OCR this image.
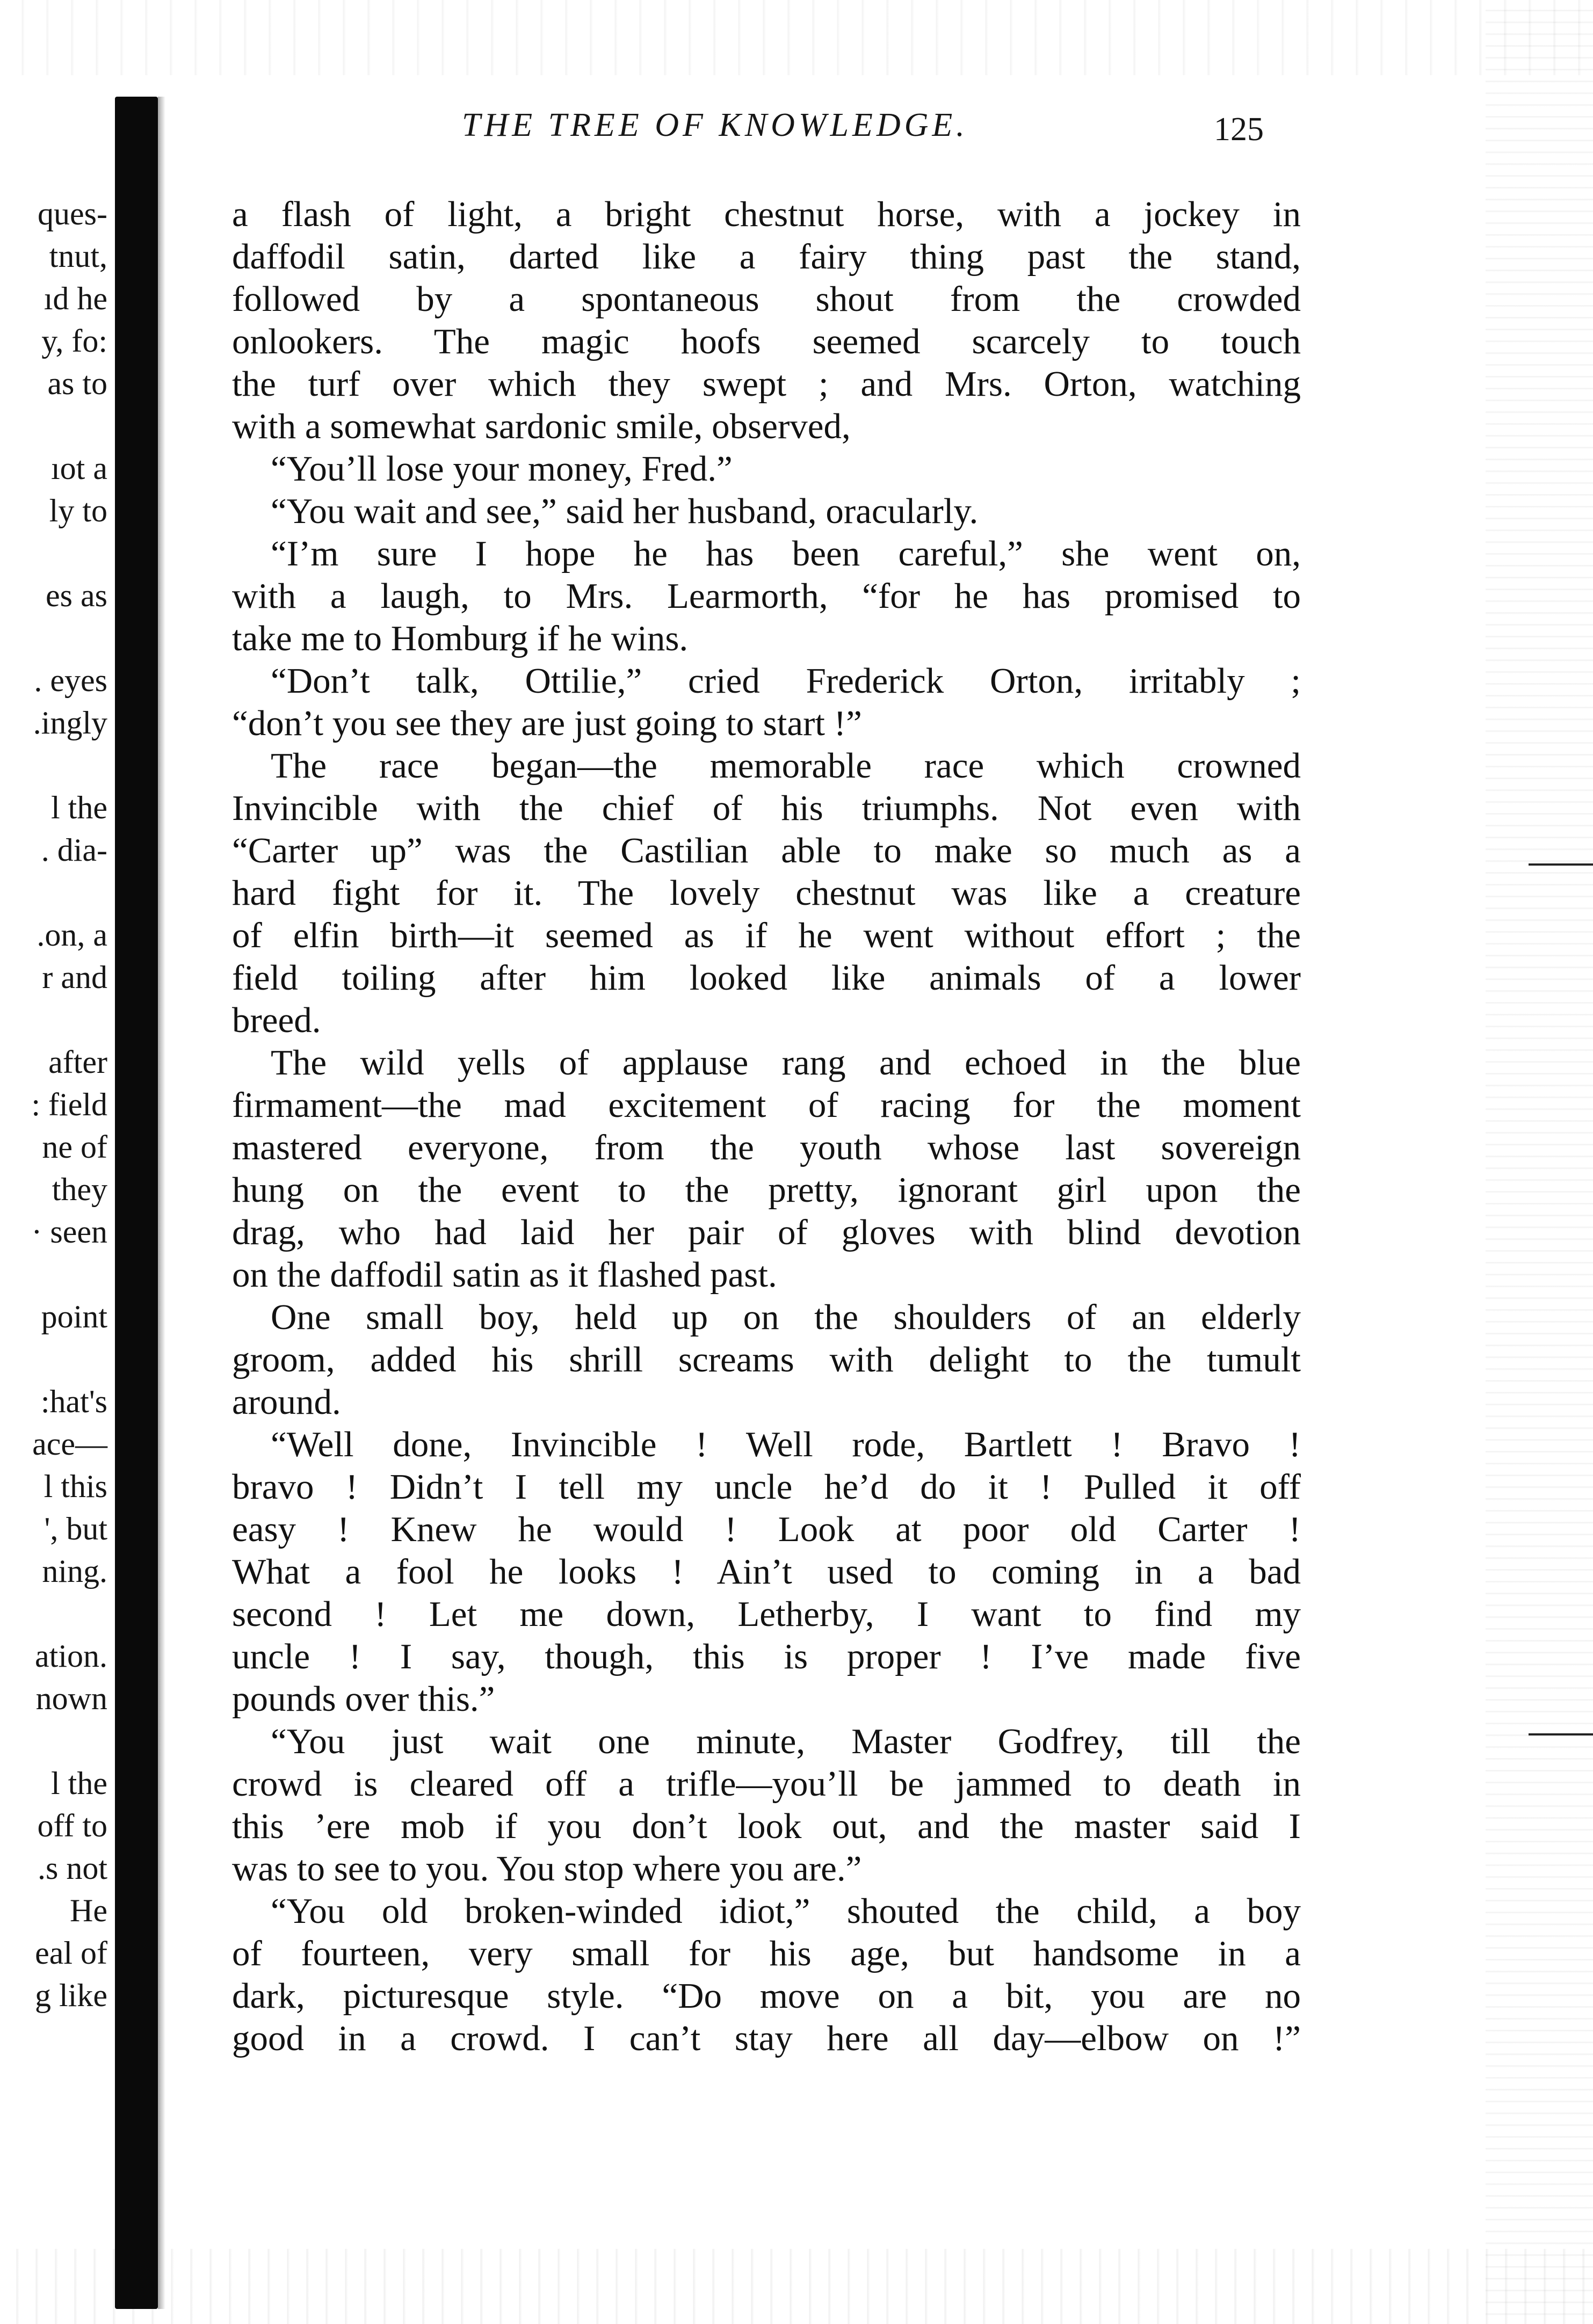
ques-
tnut,
ıd he
y, fo:
as to
ıot a
ly to
es as
. eyes
.ingly
l the
. dia-
.on, a
r and
after
: field
ne of
they
· seen
point
:hat's
ace—
l this
', but
ning.
ation.
nown
l the
off to
.s not
He
eal of
g like
THE TREE OF KNOWLEDGE.	125
a flash of light, a bright chestnut horse, with a jockey in
daffodil satin, darted like a fairy thing past the stand,
followed by a spontaneous shout from the crowded
onlookers. The magic hoofs seemed scarcely to touch
the turf over which they swept ; and Mrs. Orton, watching
with a somewhat sardonic smile, observed,
“You’ll lose your money, Fred.”
“You wait and see,” said her husband, oracularly.
“I’m sure I hope he has been careful,” she went on,
with a laugh, to Mrs. Learmorth, “for he has promised to
take me to Homburg if he wins.
“Don’t talk, Ottilie,” cried Frederick Orton, irritably ;
“don’t you see they are just going to start !”
The race began—the memorable race which crowned
Invincible with the chief of his triumphs. Not even with
“Carter up” was the Castilian able to make so much as a
hard fight for it. The lovely chestnut was like a creature
of elfin birth—it seemed as if he went without effort ; the
field toiling after him looked like animals of a lower
breed.
The wild yells of applause rang and echoed in the blue
firmament—the mad excitement of racing for the moment
mastered everyone, from the youth whose last sovereign
hung on the event to the pretty, ignorant girl upon the
drag, who had laid her pair of gloves with blind devotion
on the daffodil satin as it flashed past.
One small boy, held up on the shoulders of an elderly
groom, added his shrill screams with delight to the tumult
around.
“Well done, Invincible ! Well rode, Bartlett ! Bravo !
bravo ! Didn’t I tell my uncle he’d do it ! Pulled it off
easy ! Knew he would ! Look at poor old Carter !
What a fool he looks ! Ain’t used to coming in a bad
second ! Let me down, Letherby, I want to find my
uncle ! I say, though, this is proper ! I’ve made five
pounds over this.”
“You just wait one minute, Master Godfrey, till the
crowd is cleared off a trifle—you’ll be jammed to death in
this ’ere mob if you don’t look out, and the master said I
was to see to you. You stop where you are.”
“You old broken-winded idiot,” shouted the child, a boy
of fourteen, very small for his age, but handsome in a
dark, picturesque style. “Do move on a bit, you are no
good in a crowd. I can’t stay here all day—elbow on !”
